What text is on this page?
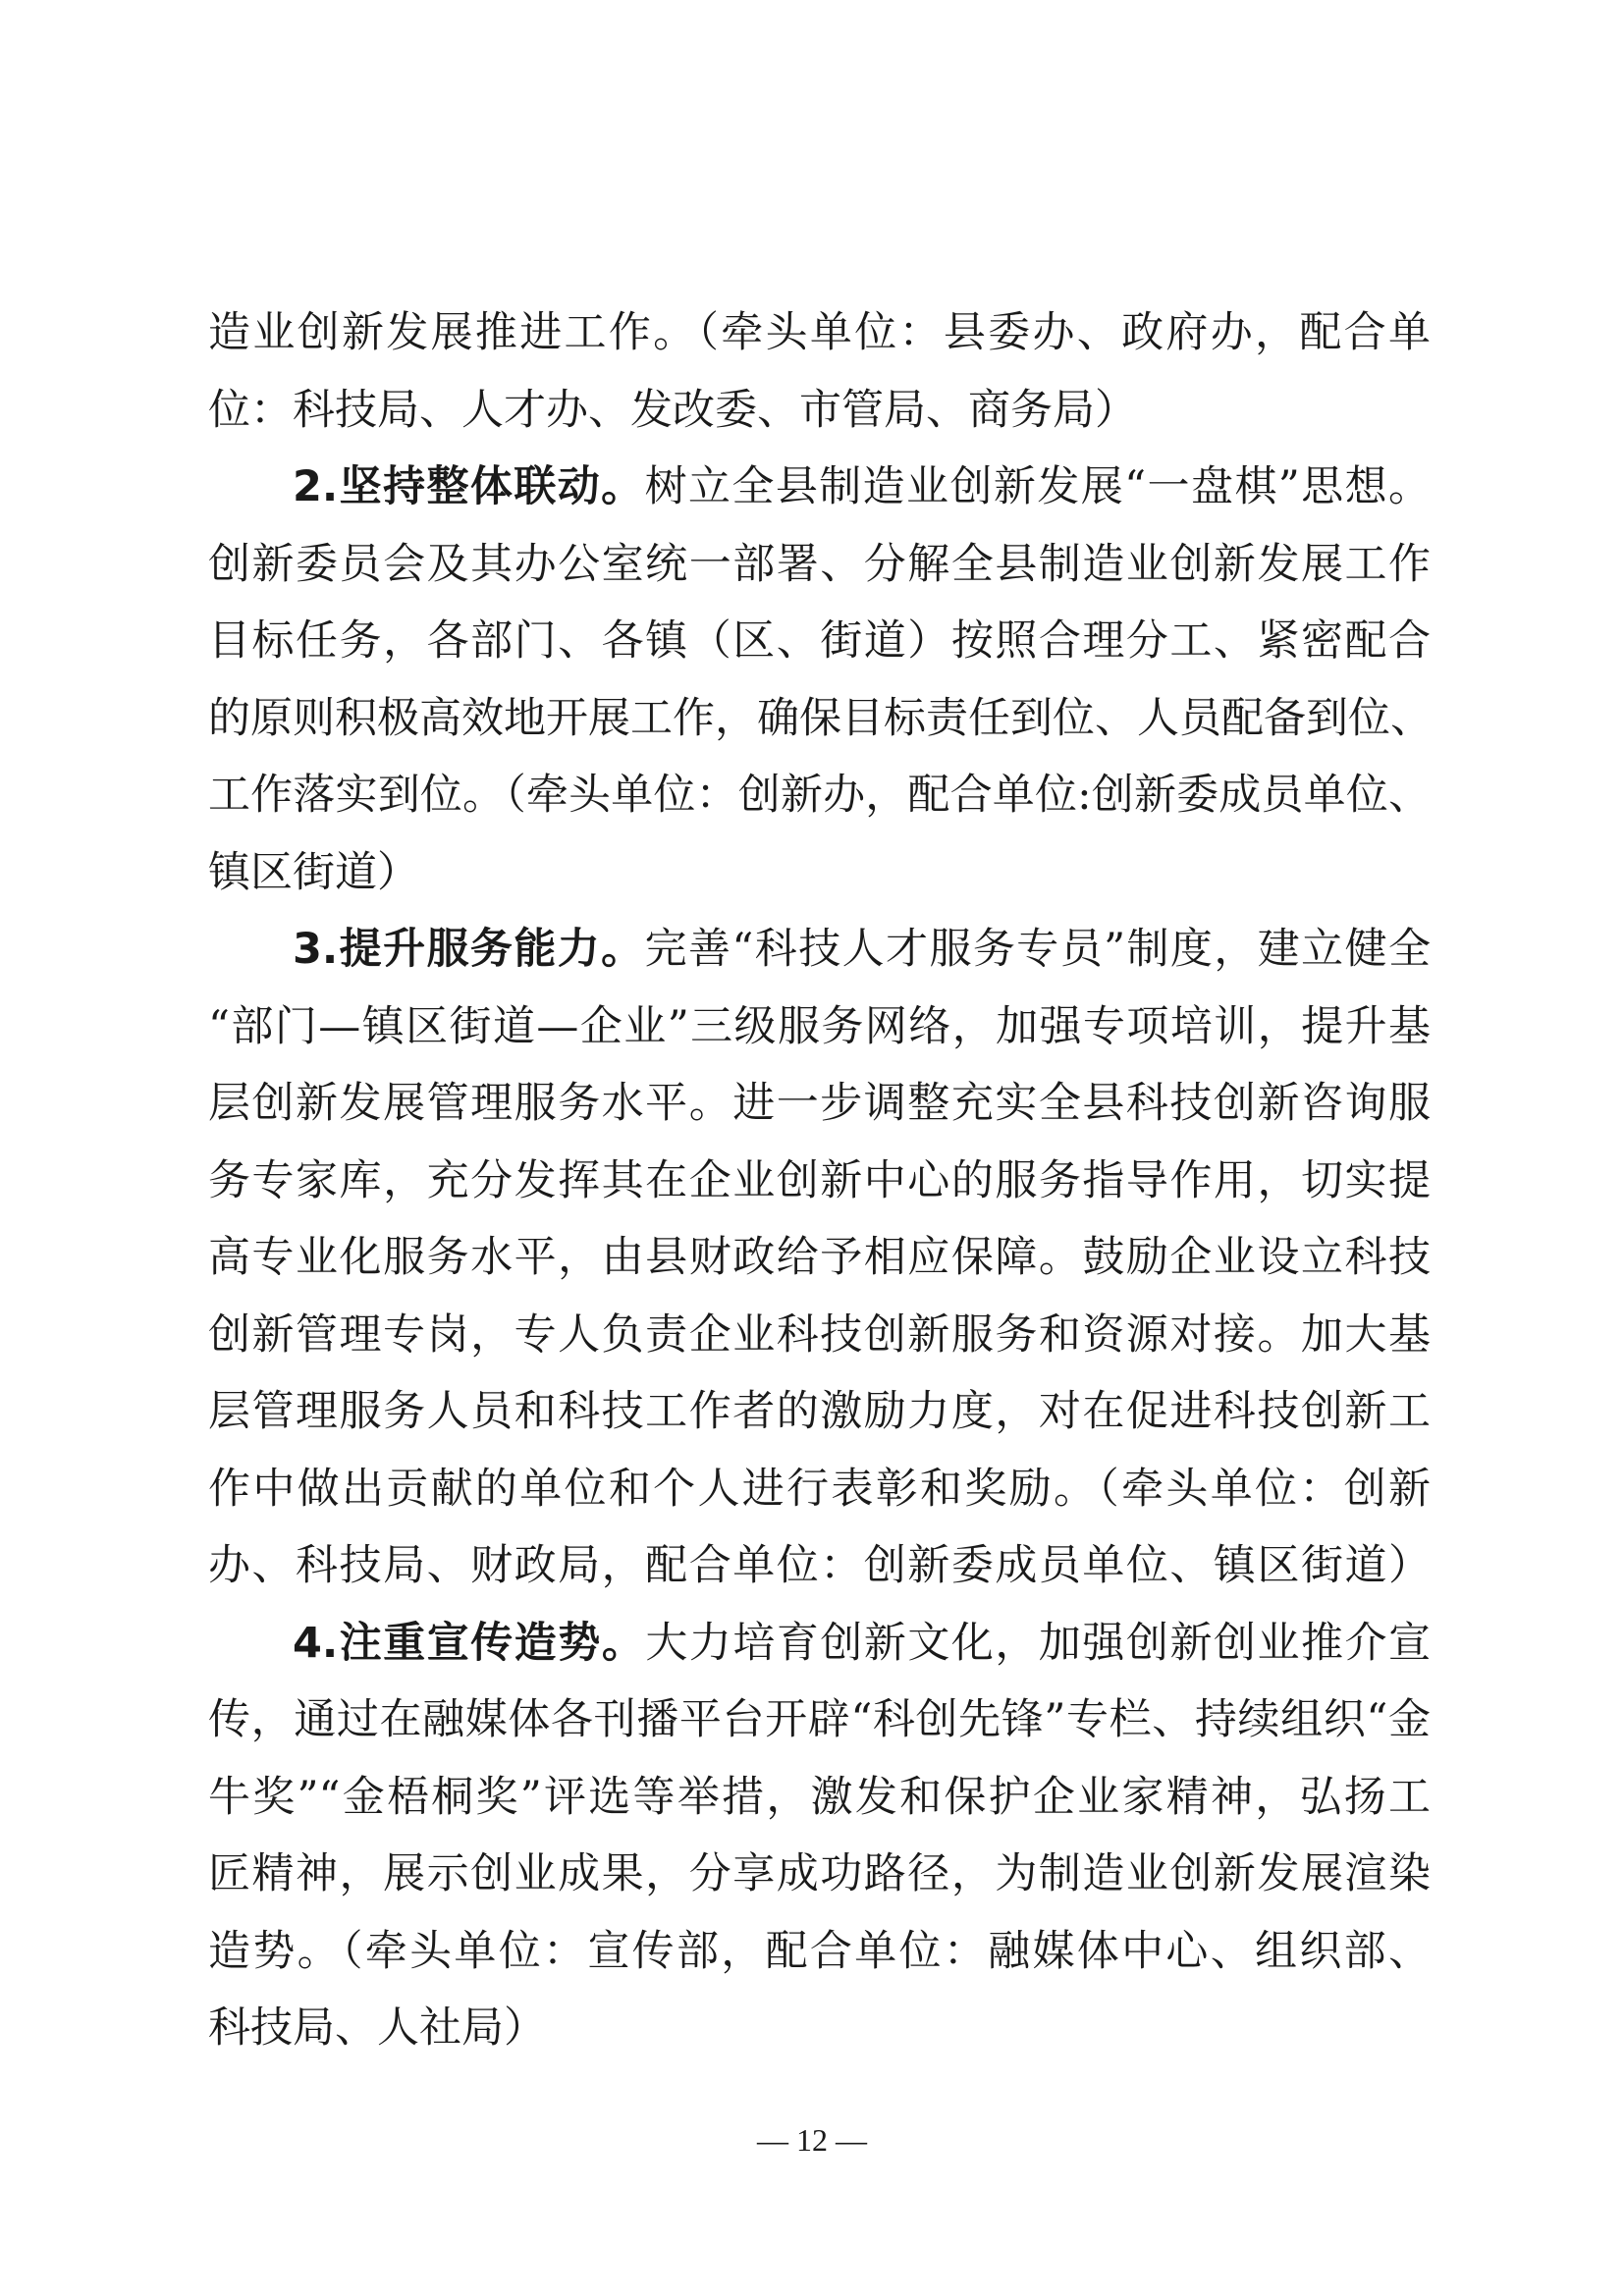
造业创新发展推进工作。（牵头单位：县委办、政府办，配合单
位：科技局、人才办、发改委、市管局、商务局）
2.坚持整体联动。树立全县制造业创新发展“一盘棋”思想。
创新委员会及其办公室统一部署、分解全县制造业创新发展工作
目标任务，各部门、各镇（区、街道）按照合理分工、紧密配合
的原则积极高效地开展工作，确保目标责任到位、人员配备到位、
工作落实到位。（牵头单位：创新办，配合单位:创新委成员单位、
镇区街道）
3.提升服务能力。完善“科技人才服务专员”制度，建立健全
“部门—镇区街道—企业”三级服务网络，加强专项培训，提升基
层创新发展管理服务水平。进一步调整充实全县科技创新咨询服
务专家库，充分发挥其在企业创新中心的服务指导作用，切实提
高专业化服务水平，由县财政给予相应保障。鼓励企业设立科技
创新管理专岗，专人负责企业科技创新服务和资源对接。加大基
层管理服务人员和科技工作者的激励力度，对在促进科技创新工
作中做出贡献的单位和个人进行表彰和奖励。（牵头单位：创新
办、科技局、财政局，配合单位：创新委成员单位、镇区街道）
4.注重宣传造势。大力培育创新文化，加强创新创业推介宣
传，通过在融媒体各刊播平台开辟“科创先锋”专栏、持续组织“金
牛奖”“金梧桐奖”评选等举措，激发和保护企业家精神，弘扬工
匠精神，展示创业成果，分享成功路径，为制造业创新发展渲染
造势。（牵头单位：宣传部，配合单位：融媒体中心、组织部、
科技局、人社局）
— 12 —
